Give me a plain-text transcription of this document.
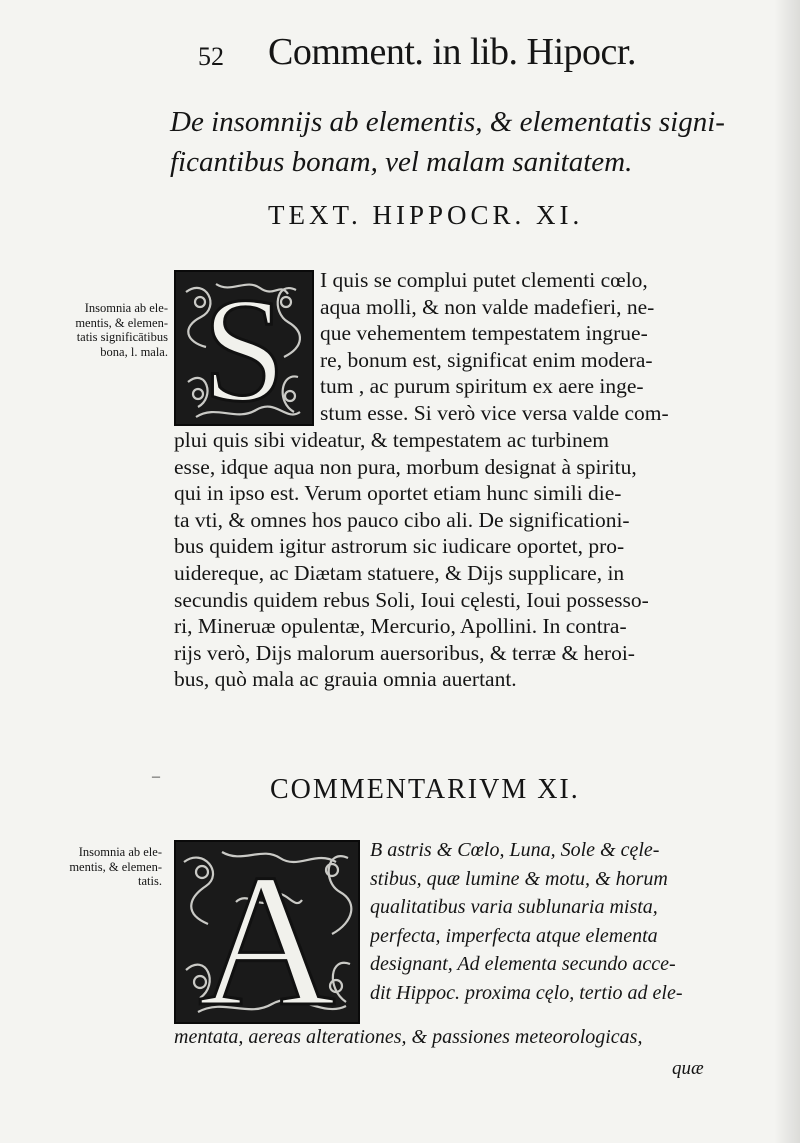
52 Comment. in lib. Hipocr.
De insomnijs ab elementis, & elementatis signi-
ficantibus bonam, vel malam sanitatem.
TEXT. HIPPOCR. XI.
S I quis se complui putet clementi cœlo,
aqua molli, & non valde madefieri, ne-
que vehementem tempestatem ingrue-
re, bonum est, significat enim modera-
tum , ac purum spiritum ex aere inge-
stum esse. Si verò vice versa valde com-

plui quis sibi videatur, & tempestatem ac turbinem
esse, idque aqua non pura, morbum designat à spiritu,
qui in ipso est. Verum oportet etiam hunc simili die-
ta vti, & omnes hos pauco cibo ali. De significationi-
bus quidem igitur astrorum sic iudicare oportet, pro-
uidereque, ac Diætam statuere, & Dijs supplicare, in
secundis quidem rebus Soli, Ioui cęlesti, Ioui possesso-
ri, Mineruæ opulentæ, Mercurio, Apollini. In contra-
rijs verò, Dijs malorum auersoribus, & terræ & heroi-
bus, quò mala ac grauia omnia auertant.

Insomnia ab ele-
mentis, & elemen-
tatis significātibus
bona, l. mala.
–	COMMENTARIVM XI.
Insomnia ab ele-
mentis, & elemen-
tatis. A B astris & Cœlo, Luna, Sole & cęle-
stibus, quæ lumine & motu, & horum
qualitatibus varia sublunaria mista,
perfecta, imperfecta atque elementa
designant, Ad elementa secundo acce-
dit Hippoc. proxima cęlo, tertio ad ele-

mentata, aereas alterationes, & passiones meteorologicas,

quæ
